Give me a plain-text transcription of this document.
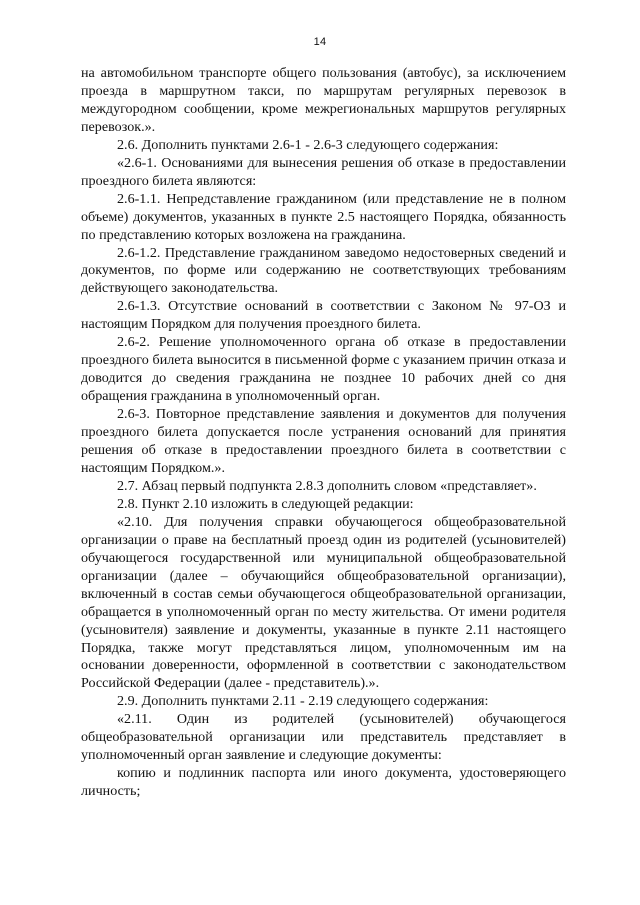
14

на автомобильном транспорте общего пользования (автобус), за исключением проезда в маршрутном такси, по маршрутам регулярных перевозок в междугородном сообщении, кроме межрегиональных маршрутов регулярных перевозок.».

2.6. Дополнить пунктами 2.6-1 - 2.6-3 следующего содержания:

«2.6-1. Основаниями для вынесения решения об отказе в предоставлении проездного билета являются:

2.6-1.1. Непредставление гражданином (или представление не в полном объеме) документов, указанных в пункте 2.5 настоящего Порядка, обязанность по представлению которых возложена на гражданина.

2.6-1.2. Представление гражданином заведомо недостоверных сведений и документов, по форме или содержанию не соответствующих требованиям действующего законодательства.

2.6-1.3. Отсутствие оснований в соответствии с Законом № 97-ОЗ и настоящим Порядком для получения проездного билета.

2.6-2. Решение уполномоченного органа об отказе в предоставлении проездного билета выносится в письменной форме с указанием причин отказа и доводится до сведения гражданина не позднее 10 рабочих дней со дня обращения гражданина в уполномоченный орган.

2.6-3. Повторное представление заявления и документов для получения проездного билета допускается после устранения оснований для принятия решения об отказе в предоставлении проездного билета в соответствии с настоящим Порядком.».

2.7. Абзац первый подпункта 2.8.3 дополнить словом «представляет».

2.8. Пункт 2.10 изложить в следующей редакции:

«2.10. Для получения справки обучающегося общеобразовательной организации о праве на бесплатный проезд один из родителей (усыновителей) обучающегося государственной или муниципальной общеобразовательной организации (далее – обучающийся общеобразовательной организации), включенный в состав семьи обучающегося общеобразовательной организации, обращается в уполномоченный орган по месту жительства. От имени родителя (усыновителя) заявление и документы, указанные в пункте 2.11 настоящего Порядка, также могут представляться лицом, уполномоченным им на основании доверенности, оформленной в соответствии с законодательством Российской Федерации (далее - представитель).».

2.9. Дополнить пунктами 2.11 - 2.19 следующего содержания:

«2.11. Один из родителей (усыновителей) обучающегося общеобразовательной организации или представитель представляет в уполномоченный орган заявление и следующие документы:

копию и подлинник паспорта или иного документа, удостоверяющего личность;
